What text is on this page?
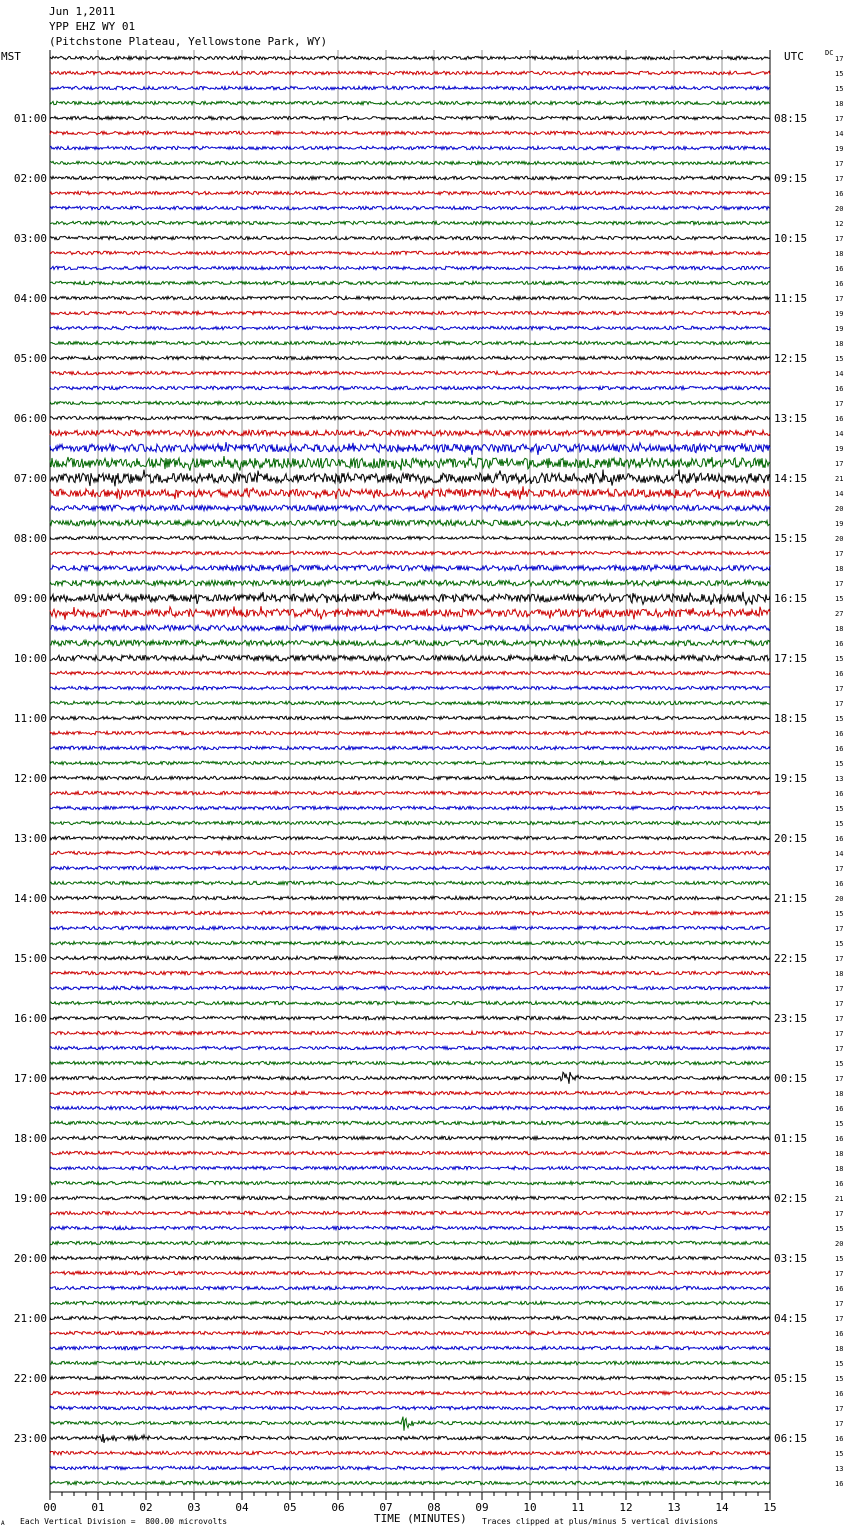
Jun 1,2011
YPP EHZ WY 01
(Pitchstone Plateau, Yellowstone Park, WY)
MST	UTC	DC
00	01	02	03	04	05	06	07	08	09	10	11	12	13	14	15
17
15
15
18
17
14
19
17
17
16
20
12
17
18
16
16
17
19
19
18
15
14
16
17
16
14
19
17
21
14
20
19
20
17
18
17
15
27
18
16
15
16
17
17
15
16
16
15
13
16
15
15
16
14
17
16
20
15
17
15
17
18
17
17
17
17
17
15
17
18
16
15
16
18
18
16
21
17
15
20
15
17
16
17
17
16
18
15
15
16
17
17
16
15
13
16
01:00
02:00
03:00
04:00
05:00
06:00
07:00
08:00
09:00
10:00
11:00
12:00
13:00
14:00
15:00
16:00
17:00
18:00
19:00
20:00
21:00
22:00
23:00
08:15
09:15
10:15
11:15
12:15
13:15
14:15
15:15
16:15
17:15
18:15
19:15
20:15
21:15
22:15
23:15
00:15
01:15
02:15
03:15
04:15
05:15
06:15
A Each Vertical Division =  800.00 microvolts	TIME (MINUTES) Traces clipped at plus/minus 5 vertical divisions
